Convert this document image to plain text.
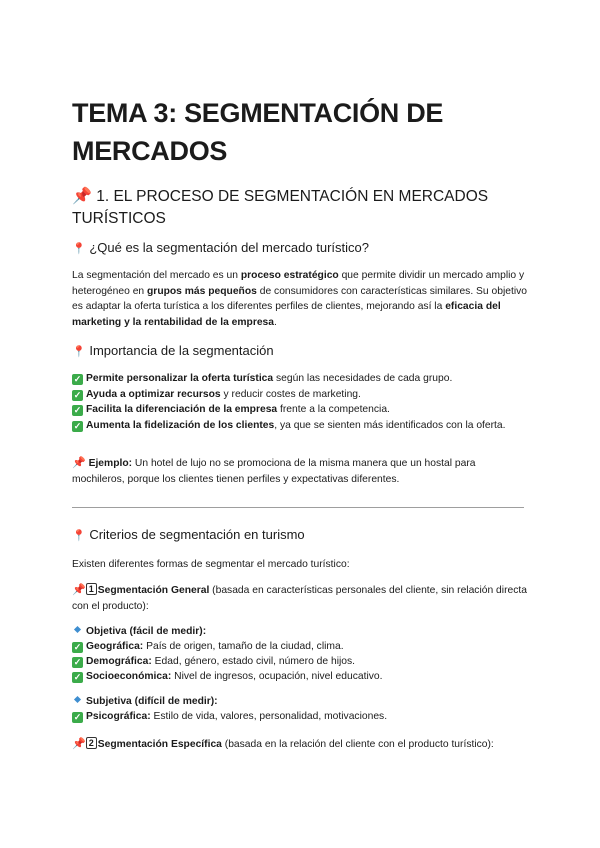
TEMA 3: SEGMENTACIÓN DE MERCADOS
📌 1. EL PROCESO DE SEGMENTACIÓN EN MERCADOS TURÍSTICOS
📍 ¿Qué es la segmentación del mercado turístico?
La segmentación del mercado es un proceso estratégico que permite dividir un mercado amplio y heterogéneo en grupos más pequeños de consumidores con características similares. Su objetivo es adaptar la oferta turística a los diferentes perfiles de clientes, mejorando así la eficacia del marketing y la rentabilidad de la empresa.
📍 Importancia de la segmentación
✓ Permite personalizar la oferta turística según las necesidades de cada grupo.
✓ Ayuda a optimizar recursos y reducir costes de marketing.
✓ Facilita la diferenciación de la empresa frente a la competencia.
✓ Aumenta la fidelización de los clientes, ya que se sienten más identificados con la oferta.
📌 Ejemplo: Un hotel de lujo no se promociona de la misma manera que un hostal para mochileros, porque los clientes tienen perfiles y expectativas diferentes.
📍 Criterios de segmentación en turismo
Existen diferentes formas de segmentar el mercado turístico:
📌 1 Segmentación General (basada en características personales del cliente, sin relación directa con el producto):
Objetiva (fácil de medir):
✓ Geográfica: País de origen, tamaño de la ciudad, clima.
✓ Demográfica: Edad, género, estado civil, número de hijos.
✓ Socioeconómica: Nivel de ingresos, ocupación, nivel educativo.
Subjetiva (difícil de medir):
✓ Psicográfica: Estilo de vida, valores, personalidad, motivaciones.
📌 2 Segmentación Específica (basada en la relación del cliente con el producto turístico):
